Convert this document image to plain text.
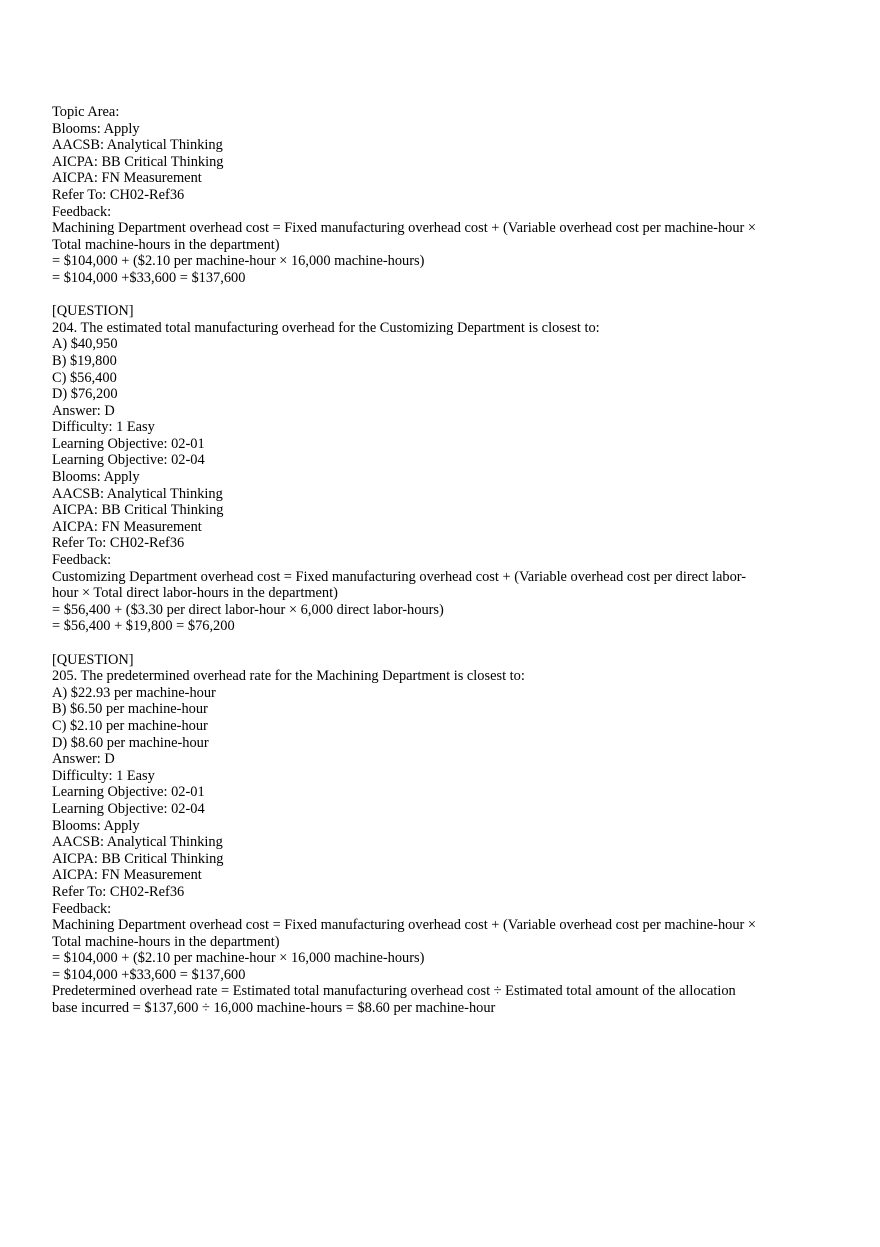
Topic Area:
Blooms: Apply
AACSB: Analytical Thinking
AICPA: BB Critical Thinking
AICPA: FN Measurement
Refer To: CH02-Ref36
Feedback:
Machining Department overhead cost = Fixed manufacturing overhead cost + (Variable overhead cost per machine-hour ×
Total machine-hours in the department)
= $104,000 + ($2.10 per machine-hour × 16,000 machine-hours)
= $104,000 +$33,600 = $137,600
[QUESTION]
204. The estimated total manufacturing overhead for the Customizing Department is closest to:
A) $40,950
B) $19,800
C) $56,400
D) $76,200
Answer: D
Difficulty: 1 Easy
Learning Objective: 02-01
Learning Objective: 02-04
Blooms: Apply
AACSB: Analytical Thinking
AICPA: BB Critical Thinking
AICPA: FN Measurement
Refer To: CH02-Ref36
Feedback:
Customizing Department overhead cost = Fixed manufacturing overhead cost + (Variable overhead cost per direct labor-
hour × Total direct labor-hours in the department)
= $56,400 + ($3.30 per direct labor-hour × 6,000 direct labor-hours)
= $56,400 + $19,800 = $76,200
[QUESTION]
205. The predetermined overhead rate for the Machining Department is closest to:
A) $22.93 per machine-hour
B) $6.50 per machine-hour
C) $2.10 per machine-hour
D) $8.60 per machine-hour
Answer: D
Difficulty: 1 Easy
Learning Objective: 02-01
Learning Objective: 02-04
Blooms: Apply
AACSB: Analytical Thinking
AICPA: BB Critical Thinking
AICPA: FN Measurement
Refer To: CH02-Ref36
Feedback:
Machining Department overhead cost = Fixed manufacturing overhead cost + (Variable overhead cost per machine-hour ×
Total machine-hours in the department)
= $104,000 + ($2.10 per machine-hour × 16,000 machine-hours)
= $104,000 +$33,600 = $137,600
Predetermined overhead rate = Estimated total manufacturing overhead cost ÷ Estimated total amount of the allocation
base incurred = $137,600 ÷ 16,000 machine-hours = $8.60 per machine-hour
